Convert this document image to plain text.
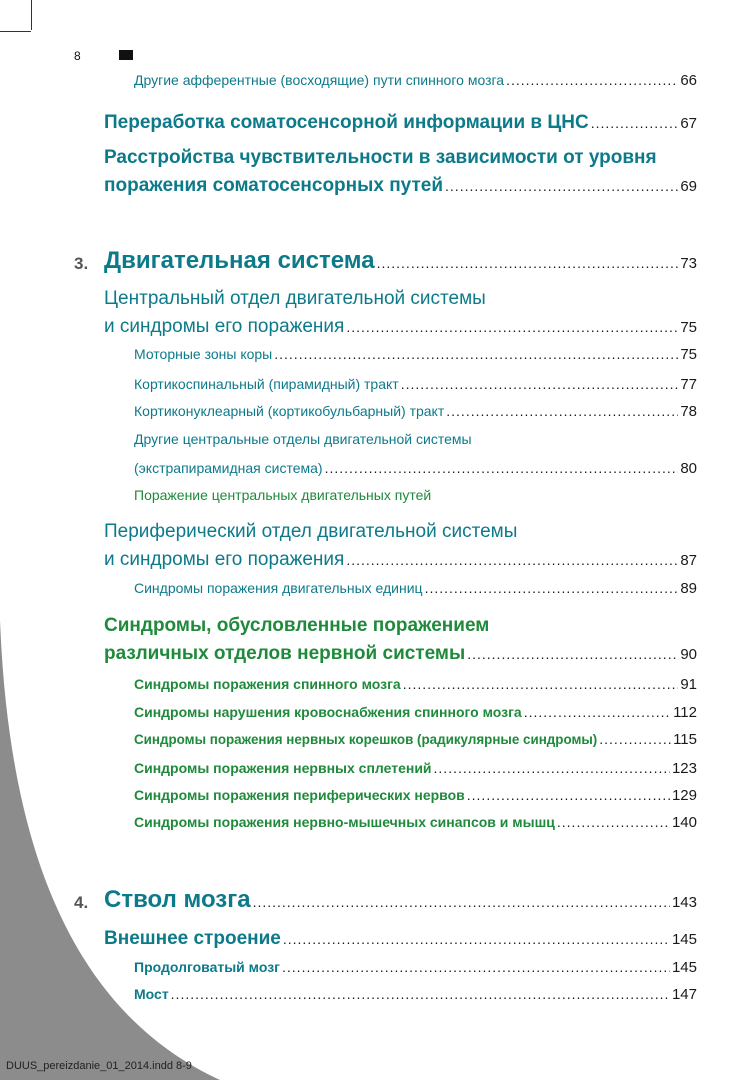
8
Другие афферентные (восходящие) пути спинного мозга .....	66
Переработка соматосенсорной информации в ЦНС .....	67
Расстройства чувствительности в зависимости от уровня
поражения соматосенсорных путей .....	69
3. Двигательная система .....	73
Центральный отдел двигательной системы
и синдромы его поражения .....	75
Моторные зоны коры .....	75
Кортикоспинальный (пирамидный) тракт .....	77
Кортиконуклеарный (кортикобульбарный) тракт .....	78
Другие центральные отделы двигательной системы
(экстрапирамидная система) .....	80
Поражение центральных двигательных путей
Периферический отдел двигательной системы
и синдромы его поражения .....	87
Синдромы поражения двигательных единиц .....	89
Синдромы, обусловленные поражением
различных отделов нервной системы .....	90
Синдромы поражения спинного мозга .....	91
Синдромы нарушения кровоснабжения спинного мозга .....	112
Синдромы поражения нервных корешков (радикулярные синдромы) .....	115
Синдромы поражения нервных сплетений .....	123
Синдромы поражения периферических нервов .....	129
Синдромы поражения нервно-мышечных синапсов и мышц .....	140
4. Ствол мозга .....	143
Внешнее строение .....	145
Продолговатый мозг .....	145
Мост .....	147
DUUS_pereizdanie_01_2014.indd 8-9
